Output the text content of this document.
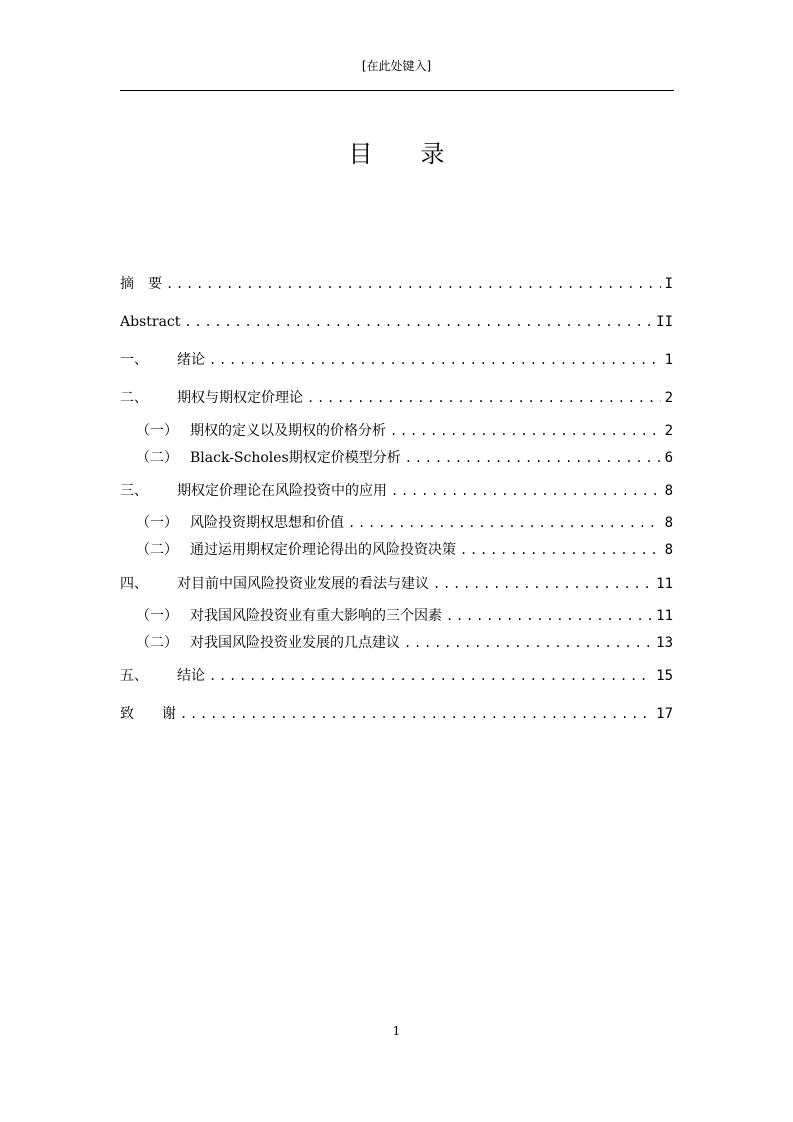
[在此处键入]
目 录
摘　要 .....	I
Abstract .....	II
一、	绪论 .....	1
二、	期权与期权定价理论 .....	2
（一） 期权的定义以及期权的价格分析 .....	2
（二） Black-Scholes期权定价模型分析 .....	6
三、	期权定价理论在风险投资中的应用 .....	8
（一） 风险投资期权思想和价值 .....	8
（二） 通过运用期权定价理论得出的风险投资决策 .....	8
四、	对目前中国风险投资业发展的看法与建议 .....	11
（一） 对我国风险投资业有重大影响的三个因素 .....	11
（二） 对我国风险投资业发展的几点建议 .....	13
五、	结论 .....	15
致　　谢 .....	17
1
